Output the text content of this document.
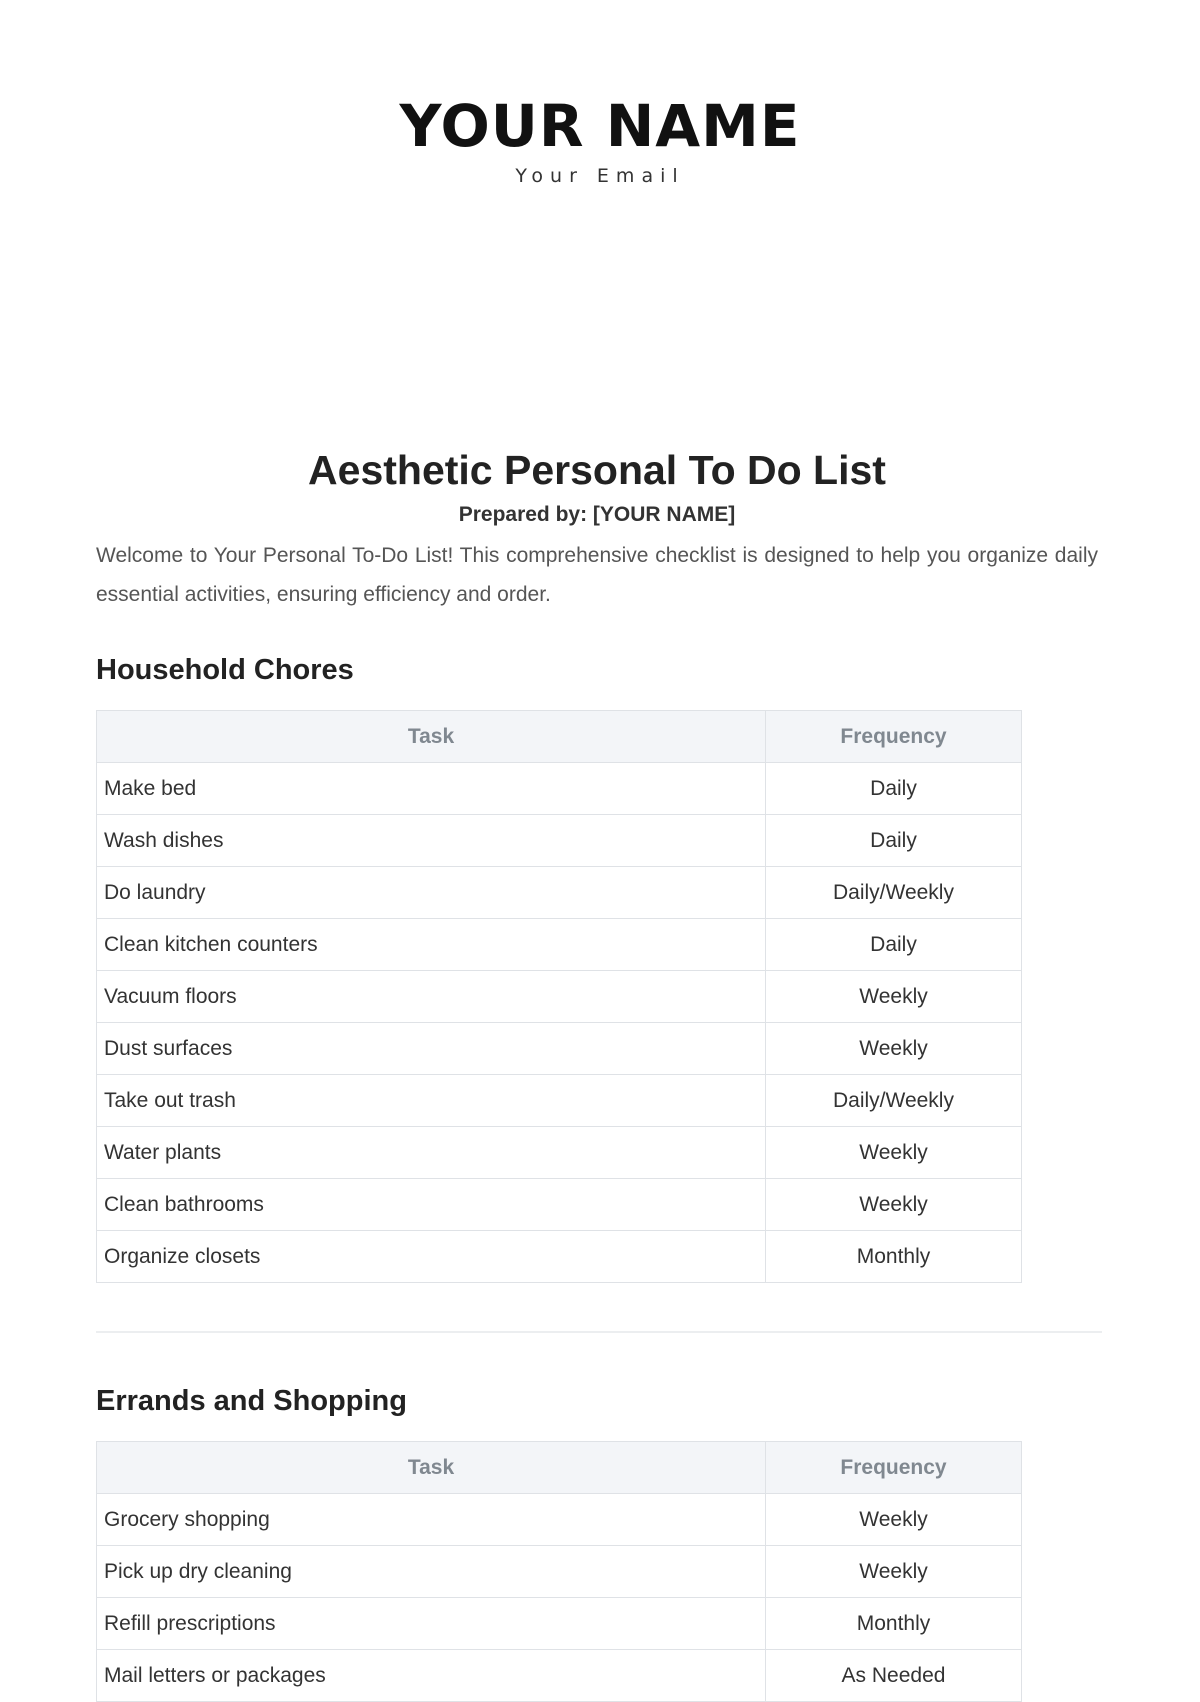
YOUR NAME
Your Email
Aesthetic Personal To Do List
Prepared by: [YOUR NAME]
Welcome to Your Personal To-Do List! This comprehensive checklist is designed to help you organize daily essential activities, ensuring efficiency and order.
Household Chores
Task	Frequency
Make bed	Daily
Wash dishes	Daily
Do laundry	Daily/Weekly
Clean kitchen counters	Daily
Vacuum floors	Weekly
Dust surfaces	Weekly
Take out trash	Daily/Weekly
Water plants	Weekly
Clean bathrooms	Weekly
Organize closets	Monthly
Errands and Shopping
Task	Frequency
Grocery shopping	Weekly
Pick up dry cleaning	Weekly
Refill prescriptions	Monthly
Mail letters or packages	As Needed
